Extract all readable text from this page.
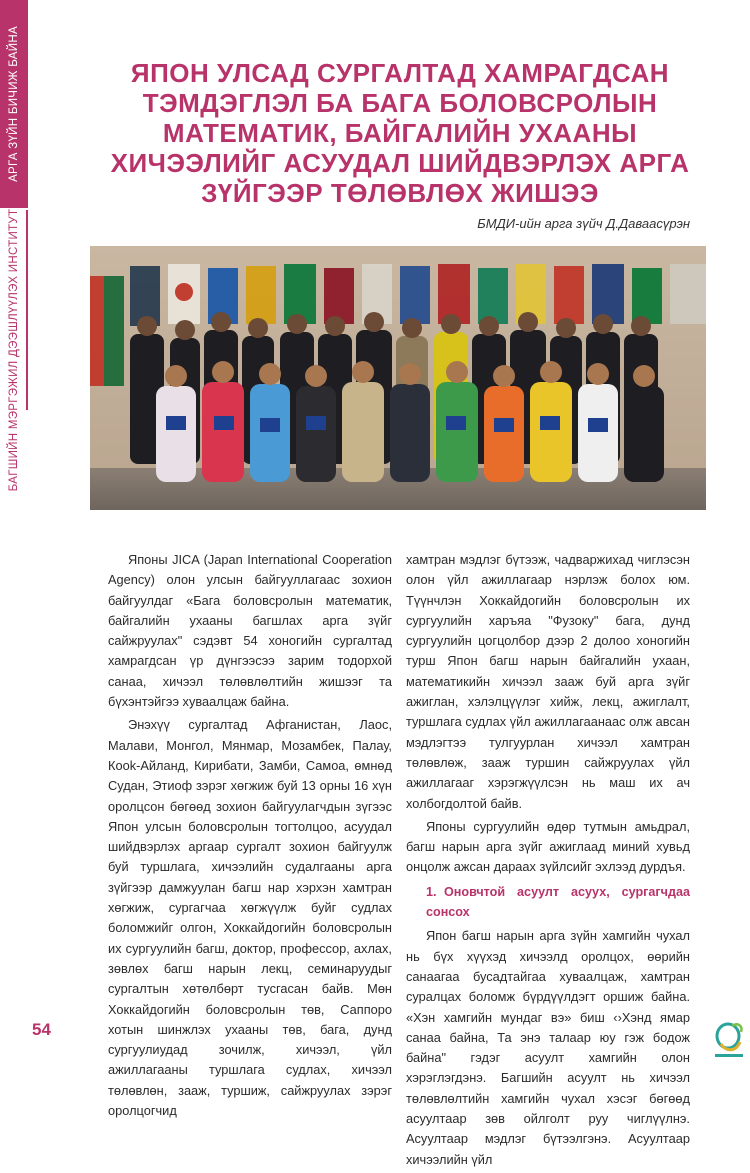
АРГА ЗҮЙН БИЧИЖ БАЙНА
БАГШИЙН МЭРГЭЖИЛ ДЭЭШЛҮҮЛЭХ ИНСТИТУТ
ЯПОН УЛСАД СУРГАЛТАД ХАМРАГДСАН ТЭМДЭГЛЭЛ БА БАГА БОЛОВСРОЛЫН МАТЕМАТИК, БАЙГАЛИЙН УХААНЫ ХИЧЭЭЛИЙГ АСУУДАЛ ШИЙДВЭРЛЭХ АРГА ЗҮЙГЭЭР ТӨЛӨВЛӨХ ЖИШЭЭ
БМДИ-ийн арга зүйч Д.Даваасүрэн

Японы JICA (Japan International Cooperation Agency) олон улсын байгууллагаас зохион байгуулдаг «Бага боловсролын математик, байгалийн ухааны багшлах арга зүйг сайжруулах" сэдэвт 54 хоногийн сургалтад хамрагдсан үр дүнгээсээ зарим тодорхой санаа, хичээл төлөвлөлтийн жишээг та бүхэнтэйгээ хуваалцаж байна.

Энэхүү сургалтад Афганистан, Лаос, Малави, Монгол, Мянмар, Мозамбек, Палау, Кook-Айланд, Кирибати, Замби, Самоа, өмнөд Судан, Этиоф зэрэг хөгжиж буй 13 орны 16 хүн оролцсон бөгөөд зохион байгуулагчдын зүгээс Япон улсын боловсролын тогтолцоо, асуудал шийдвэрлэх аргаар сургалт зохион байгуулж буй туршлага, хичээлийн судалгааны арга зүйгээр дамжуулан багш нар хэрхэн хамтран хөгжиж, сургагчаа хөгжүүлж буйг судлах боломжийг олгон, Хоккайдогийн боловсролын их сургуулийн багш, доктор, профессор, ахлах, зөвлөх багш нарын лекц, семинаруудыг сургалтын хөтөлбөрт тусгасан байв. Мөн Хоккайдогийн боловсролын төв, Саппоро хотын шинжлэх ухааны төв, бага, дунд сургуулиудад зочилж, хичээл, үйл ажиллагааны туршлага судлах, хичээл төлөвлөн, зааж, туршиж, сайжруулах зэрэг оролцогчид

хамтран мэдлэг бүтээж, чадваржихад чиглэсэн олон үйл ажиллагаар нэрлэж болох юм. Түүнчлэн Хоккайдогийн боловсролын их сургуулийн харъяа "Фузоку" бага, дунд сургуулийн цогцолбор дээр 2 долоо хоногийн турш Япон багш нарын байгалийн ухаан, математикийн хичээл зааж буй арга зүйг ажиглан, хэлэлцүүлэг хийж, лекц, ажиглалт, туршлага судлах үйл ажиллагаанаас олж авсан мэдлэгтээ тулгуурлан хичээл хамтран төлөвлөж, зааж туршин сайжруулах үйл ажиллагааг хэрэгжүүлсэн нь маш их ач холбогдолтой байв.

Японы сургуулийн өдөр тутмын амьдрал, багш нарын арга зүйг ажиглаад миний хувьд онцолж ажсан дараах зүйлсийг эхлээд дурдъя.

1. Оновчтой асуулт асуух, сургагчдаа сонсох

Япон багш нарын арга зүйн хамгийн чухал нь бүх хүүхэд хичээлд оролцох, өөрийн санаагаа бусадтайгаа хуваалцаж, хамтран суралцах боломж бүрдүүлдэгт оршиж байна. «Хэн хамгийн мундаг вэ» биш ‹›Хэнд ямар санаа байна, Та энэ талаар юу гэж бодож байна" гэдэг асуулт хамгийн олон хэрэглэгдэнэ. Багшийн асуулт нь хичээл төлөвлөлтийн хамгийн чухал хэсэг бөгөөд асуултаар зөв ойлголт руу чиглүүлнэ. Асуултаар мэдлэг бүтээлгэнэ. Асуултаар хичээлийн үйл

54
